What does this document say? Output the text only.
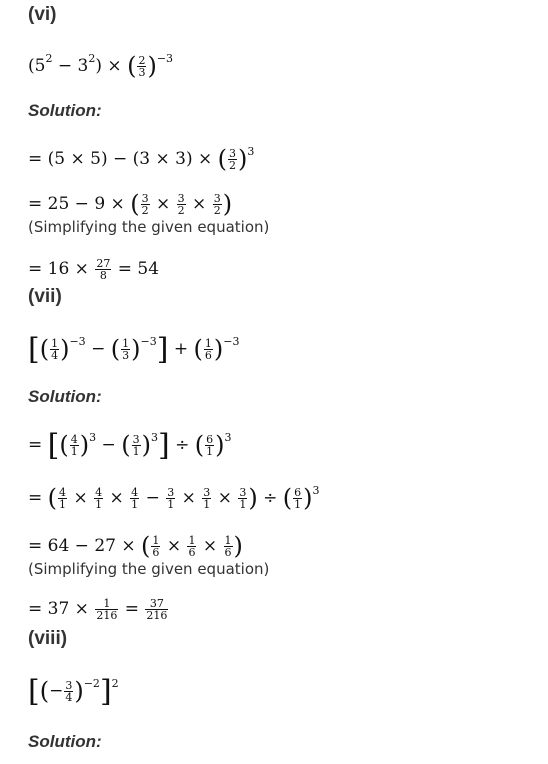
(vi)
$(5^2 - 3^2)$ × ( $\frac{2}{3} )^{-3}$
Solution:
= (5 × 5) − (3 × 3) × ( $\frac{3}{2} )^3$
= 25 − 9 × ( $\frac{3}{2} \times \frac{3}{2} \times \frac{3}{2}$ )
(Simplifying the given equation)
= $16 \times \frac{27}{8} = 54$
(vii)
[( $\frac{1}{4} )^{-3}$ − ( $\frac{1}{3} )^{-3}$] + ( $\frac{1}{6} )^{-3}$
Solution:
= [( $\frac{4}{1} )^3$ − ( $\frac{3}{1} )^3$] ÷ ( $\frac{6}{1} )^3$
= ( $\frac{4}{1} \times \frac{4}{1} \times \frac{4}{1} - \frac{3}{1} \times \frac{3}{1} \times \frac{3}{1}$ ) ÷ ( $\frac{6}{1} )^3$
= 64 − 27 × ( $\frac{1}{6} \times \frac{1}{6} \times \frac{1}{6}$ )
(Simplifying the given equation)
= $37 \times \frac{1}{216} = \frac{37}{216}$
(viii)
[(− $\frac{3}{4} )^{-2}]^2$
Solution:
